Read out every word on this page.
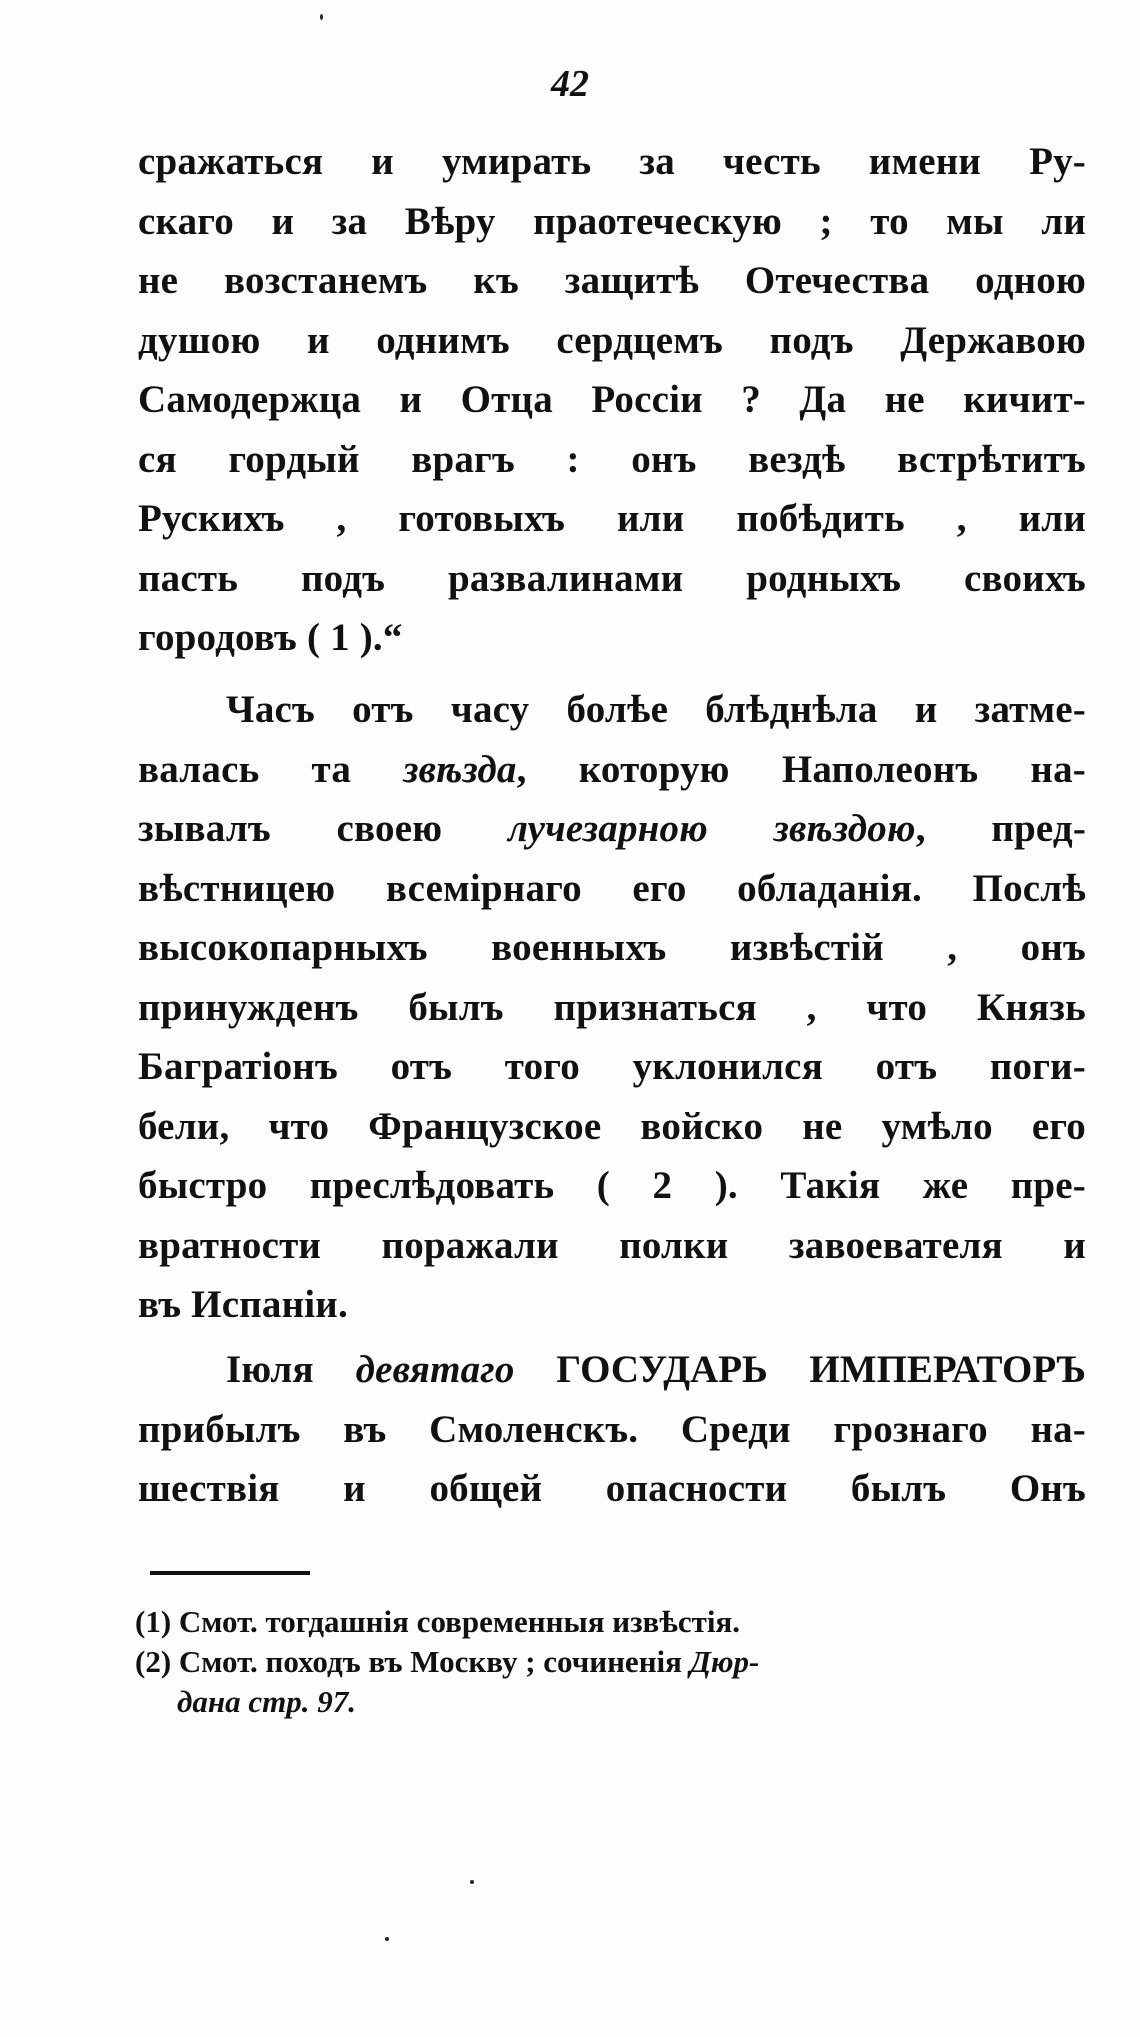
42
сражаться и умирать за честь имени Ру-
скаго и за Вѣру праотеческую ; то мы ли
не возстанемъ къ защитѣ Отечества одною
душою и однимъ сердцемъ подъ Державою
Самодержца и Отца Россіи ? Да не кичит-
ся гордый врагъ : онъ вездѣ встрѣтитъ
Рускихъ , готовыхъ или побѣдить , или
пасть подъ развалинами родныхъ своихъ
городовъ ( 1 ).“
Часъ отъ часу болѣе блѣднѣла и затме-
валась та звѣзда, которую Наполеонъ на-
зывалъ своею лучезарною звѣздою, пред-
вѣстницею всемірнаго его обладанія. Послѣ
высокопарныхъ военныхъ извѣстій , онъ
принужденъ былъ признаться , что Князь
Багратіонъ отъ того уклонился отъ поги-
бели, что Французское войско не умѣло его
быстро преслѣдовать ( 2 ). Такія же пре-
вратности поражали полки завоевателя и
въ Испаніи.
Іюля девятаго ГОСУДАРЬ ИМПЕРАТОРЪ
прибылъ въ Смоленскъ. Среди грознаго на-
шествія и общей опасности былъ Онъ
(1) Смот. тогдашнія современныя извѣстія.
(2) Смот. походъ въ Москву ; сочиненія Дюр-
дана стр. 97.
